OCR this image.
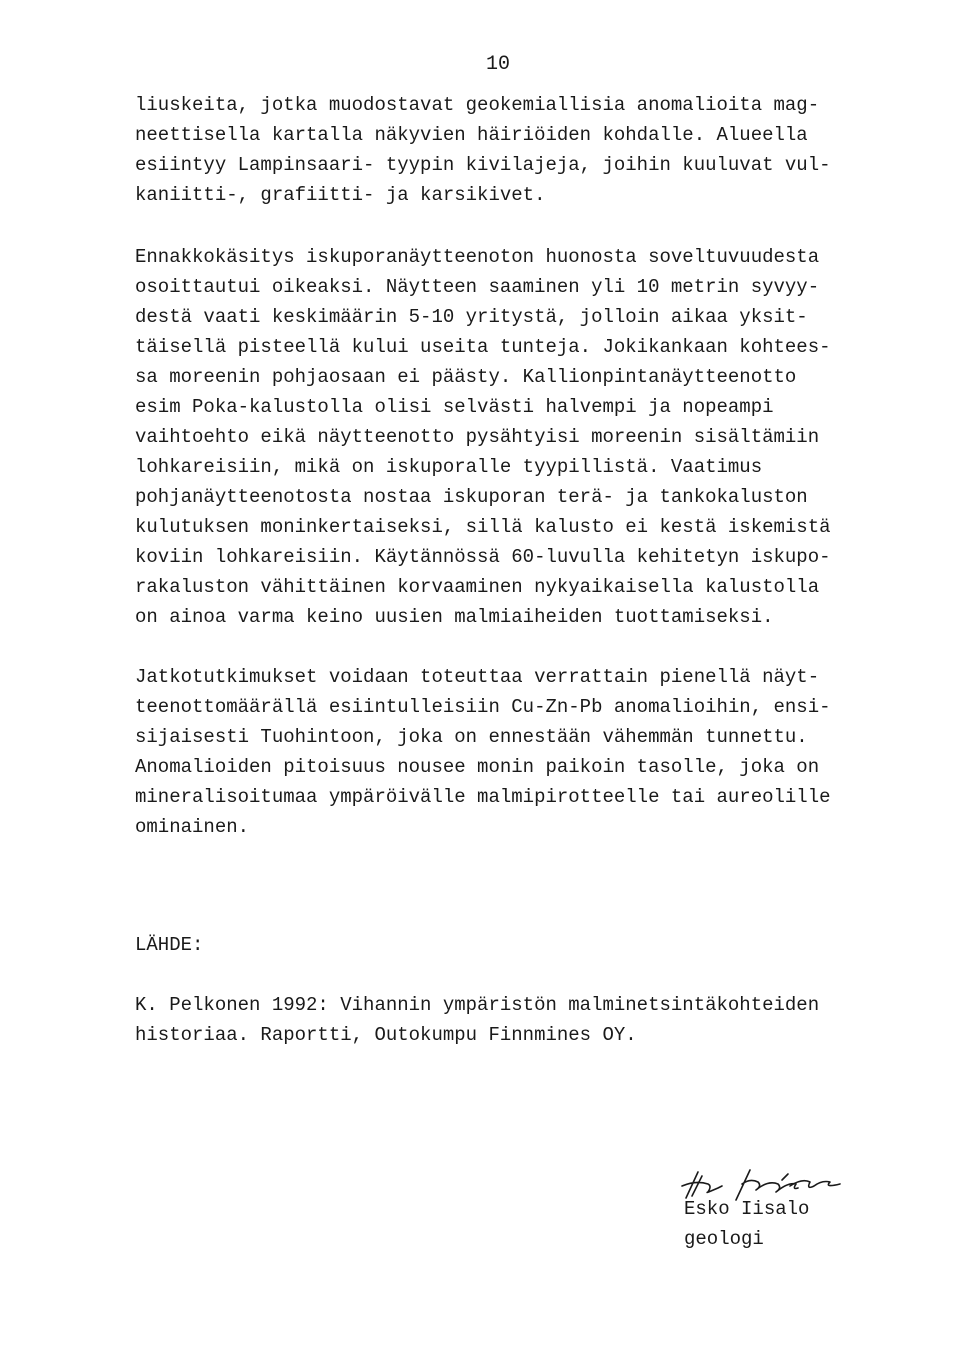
10

liuskeita, jotka muodostavat geokemiallisia anomalioita mag-
neettisella kartalla näkyvien häiriöiden kohdalle. Alueella
esiintyy Lampinsaari- tyypin kivilajeja, joihin kuuluvat vul-
kaniitti-, grafiitti- ja karsikivet.

Ennakkokäsitys iskuporanäytteenoton huonosta soveltuvuudesta
osoittautui oikeaksi. Näytteen saaminen yli 10 metrin syvyy-
destä vaati keskimäärin 5-10 yritystä, jolloin aikaa yksit-
täisellä pisteellä kului useita tunteja. Jokikankaan kohtees-
sa moreenin pohjaosaan ei päästy. Kallionpintanäytteenotto
esim Poka-kalustolla olisi selvästi halvempi ja nopeampi
vaihtoehto eikä näytteenotto pysähtyisi moreenin sisältämiin
lohkareisiin, mikä on iskuporalle tyypillistä. Vaatimus
pohjanäytteenotosta nostaa iskuporan terä- ja tankokaluston
kulutuksen moninkertaiseksi, sillä kalusto ei kestä iskemistä
koviin lohkareisiin. Käytännössä 60-luvulla kehitetyn iskupo-
rakaluston vähittäinen korvaaminen nykyaikaisella kalustolla
on ainoa varma keino uusien malmiaiheiden tuottamiseksi.

Jatkotutkimukset voidaan toteuttaa verrattain pienellä näyt-
teenottomäärällä esiintulleisiin Cu-Zn-Pb anomalioihin, ensi-
sijaisesti Tuohintoon, joka on ennestään vähemmän tunnettu.
Anomalioiden pitoisuus nousee monin paikoin tasolle, joka on
mineralisoitumaa ympäröivälle malmipirotteelle tai aureolille
ominainen.

LÄHDE:

K. Pelkonen 1992: Vihannin ympäristön malminetsintäkohteiden
historiaa. Raportti, Outokumpu Finnmines OY.

Esko Iisalo
geologi
